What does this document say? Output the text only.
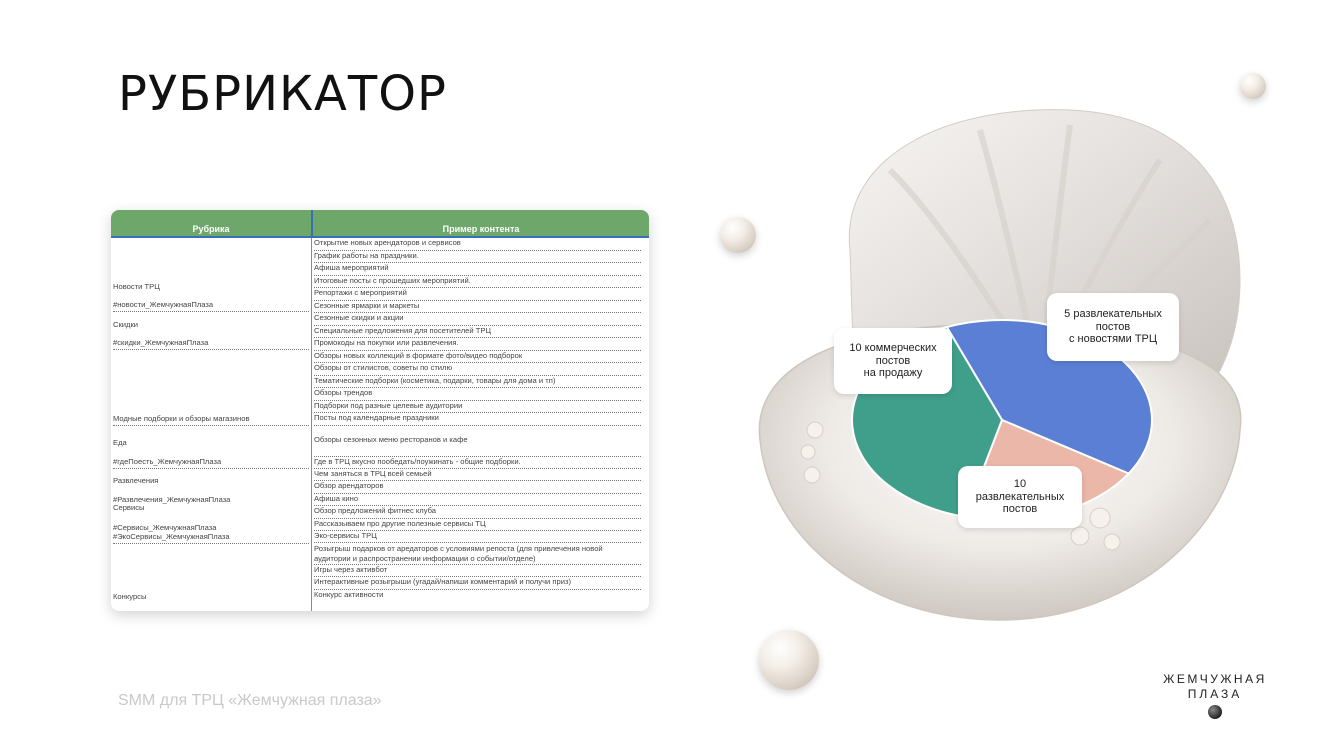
РУБРИКАТОР
Рубрика	Пример контента
Новости ТРЦ
#новости_ЖемчужнаяПлаза
Скидки
#скидки_ЖемчужнаяПлаза
Модные подборки и обзоры магазинов
Еда
#гдеПоесть_ЖемчужнаяПлаза
Развлечения
#Развлечения_ЖемчужнаяПлаза
Сервисы
#Сервисы_ЖемчужнаяПлаза
#ЭкоСервисы_ЖемчужнаяПлаза
Конкурсы
Открытие новых арендаторов и сервисов
График работы на праздники.
Афиша мероприятий
Итоговые посты с прошедших мероприятий.
Репортажи с мероприятий
Сезонные ярмарки и маркеты
Сезонные скидки и акции
Специальные предложения для посетителей ТРЦ
Промокоды на покупки или развлечения.
Обзоры новых коллекций в формате фото/видео подборок
Обзоры от стилистов, советы по стилю
Тематические подборки (косметика, подарки, товары для дома и тп)
Обзоры трендов
Подборки под разные целевые аудитории
Посты под календарные праздники
Обзоры сезонных меню ресторанов и кафе
Где в ТРЦ вкусно пообедать/поужинать - общие подборки.
Чем заняться в ТРЦ всей семьей
Обзор арендаторов
Афиша кино
Обзор предложений фитнес клуба
Рассказываем про другие полезные сервисы ТЦ
Эко-сервисы ТРЦ
Розыгрыш подарков от аредаторов с условиями репоста (для привлечения новой аудитории и распространении информации о событии/отделе)
Игры через активбот
Интерактивные розыгрыши (угадай/напиши комментарий и получи приз)
Конкурс активности
SMM для ТРЦ «Жемчужная плаза»
ЖЕМЧУЖНАЯ
ПЛАЗА
10 коммерческих
постов
на продажу
5 развлекательных
постов
с новостями ТРЦ
10
развлекательных
постов
